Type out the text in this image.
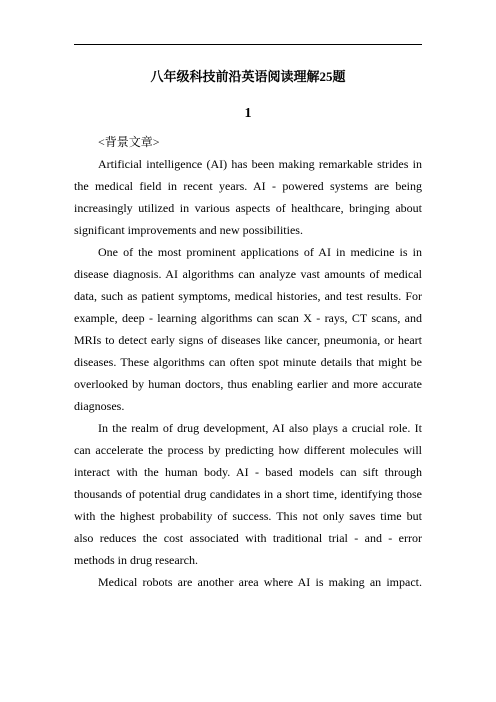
八年级科技前沿英语阅读理解25题
1

<背景文章>

Artificial intelligence (AI) has been making remarkable strides in the medical field in recent years. AI - powered systems are being increasingly utilized in various aspects of healthcare, bringing about significant improvements and new possibilities.

One of the most prominent applications of AI in medicine is in disease diagnosis. AI algorithms can analyze vast amounts of medical data, such as patient symptoms, medical histories, and test results. For example, deep - learning algorithms can scan X - rays, CT scans, and MRIs to detect early signs of diseases like cancer, pneumonia, or heart diseases. These algorithms can often spot minute details that might be overlooked by human doctors, thus enabling earlier and more accurate diagnoses.

In the realm of drug development, AI also plays a crucial role. It can accelerate the process by predicting how different molecules will interact with the human body. AI - based models can sift through thousands of potential drug candidates in a short time, identifying those with the highest probability of success. This not only saves time but also reduces the cost associated with traditional trial - and - error methods in drug research.

Medical robots are another area where AI is making an impact.
